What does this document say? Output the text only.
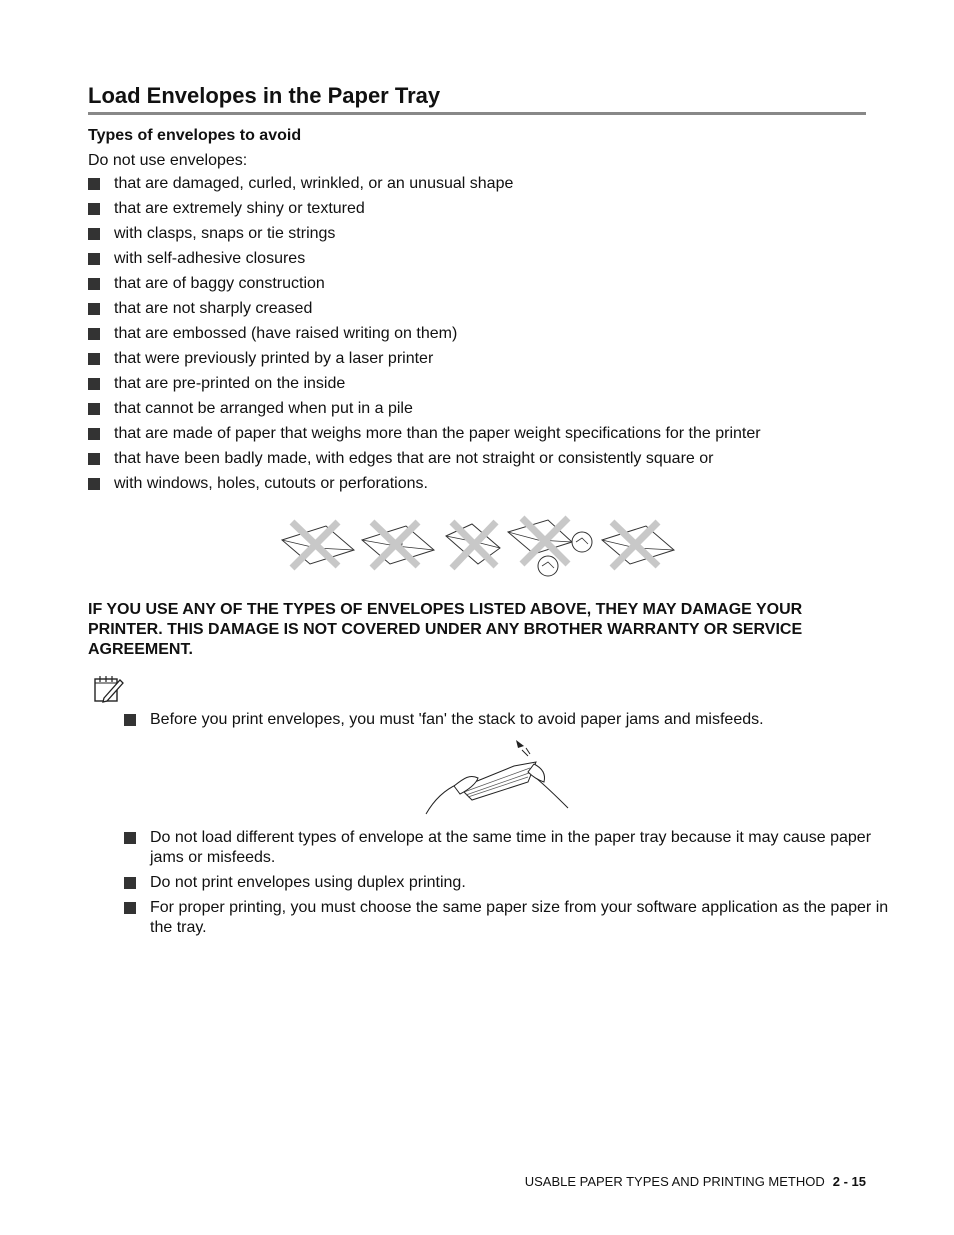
Load Envelopes in the Paper Tray
Types of envelopes to avoid
Do not use envelopes:
that are damaged, curled, wrinkled, or an unusual shape
that are extremely shiny or textured
with clasps, snaps or tie strings
with self-adhesive closures
that are of baggy construction
that are not sharply creased
that are embossed (have raised writing on them)
that were previously printed by a laser printer
that are pre-printed on the inside
that cannot be arranged when put in a pile
that are made of paper that weighs more than the paper weight specifications for the printer
that have been badly made, with edges that are not straight or consistently square or
with windows, holes, cutouts or perforations.
IF YOU USE ANY OF THE TYPES OF ENVELOPES LISTED ABOVE, THEY MAY DAMAGE YOUR PRINTER. THIS DAMAGE IS NOT COVERED UNDER ANY BROTHER WARRANTY OR SERVICE AGREEMENT.
Before you print envelopes, you must 'fan' the stack to avoid paper jams and misfeeds.
Do not load different types of envelope at the same time in the paper tray because it may cause paper jams or misfeeds.
Do not print envelopes using duplex printing.
For proper printing, you must choose the same paper size from your software application as the paper in the tray.
USABLE PAPER TYPES AND PRINTING METHOD 2 - 15
